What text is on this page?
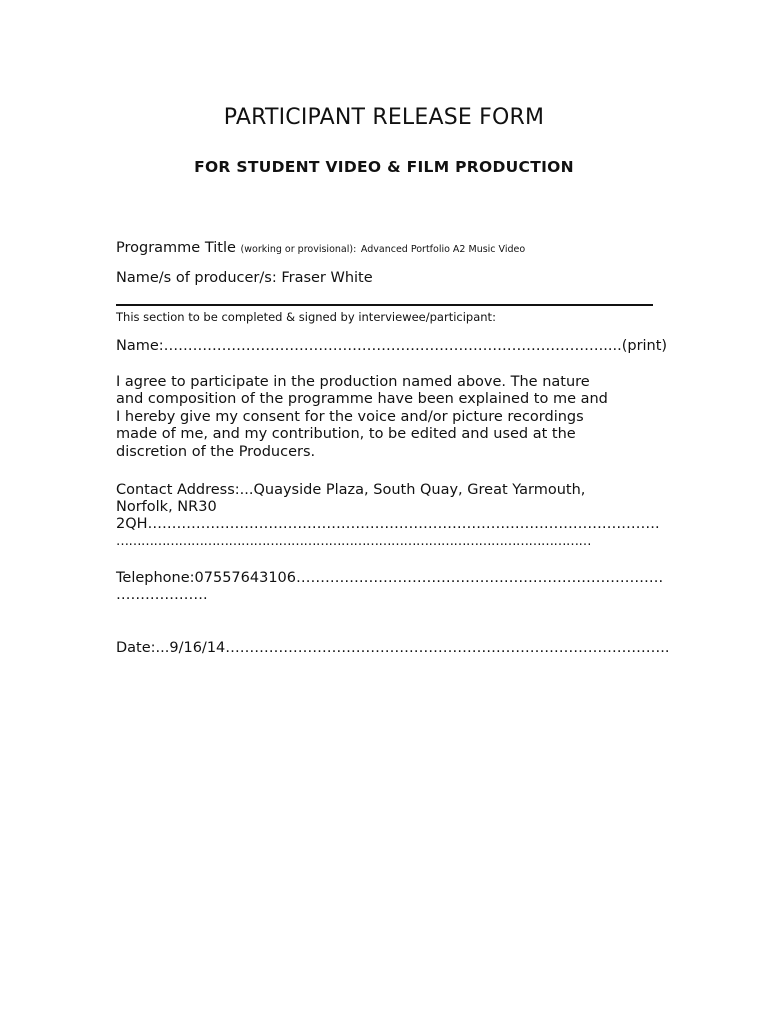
PARTICIPANT RELEASE FORM
FOR STUDENT VIDEO & FILM PRODUCTION
Programme Title (working or provisional): Advanced Portfolio A2 Music Video
Name/s of producer/s: Fraser White
This section to be completed & signed by interviewee/participant:
Name:……………………………………………………………………………….....(print)
I agree to participate in the production named above. The nature
and composition of the programme have been explained to me and
I hereby give my consent for the voice and/or picture recordings
made of me, and my contribution, to be edited and used at the
discretion of the Producers.
Contact Address:...Quayside Plaza, South Quay, Great Yarmouth,
Norfolk, NR30
2QH…………………………………………………………………………………………….
……………………………………………………………………………………………………
Telephone:07557643106………………………………………………………………….
……………….
Date:...9/16/14………………………………………………………………………………..
